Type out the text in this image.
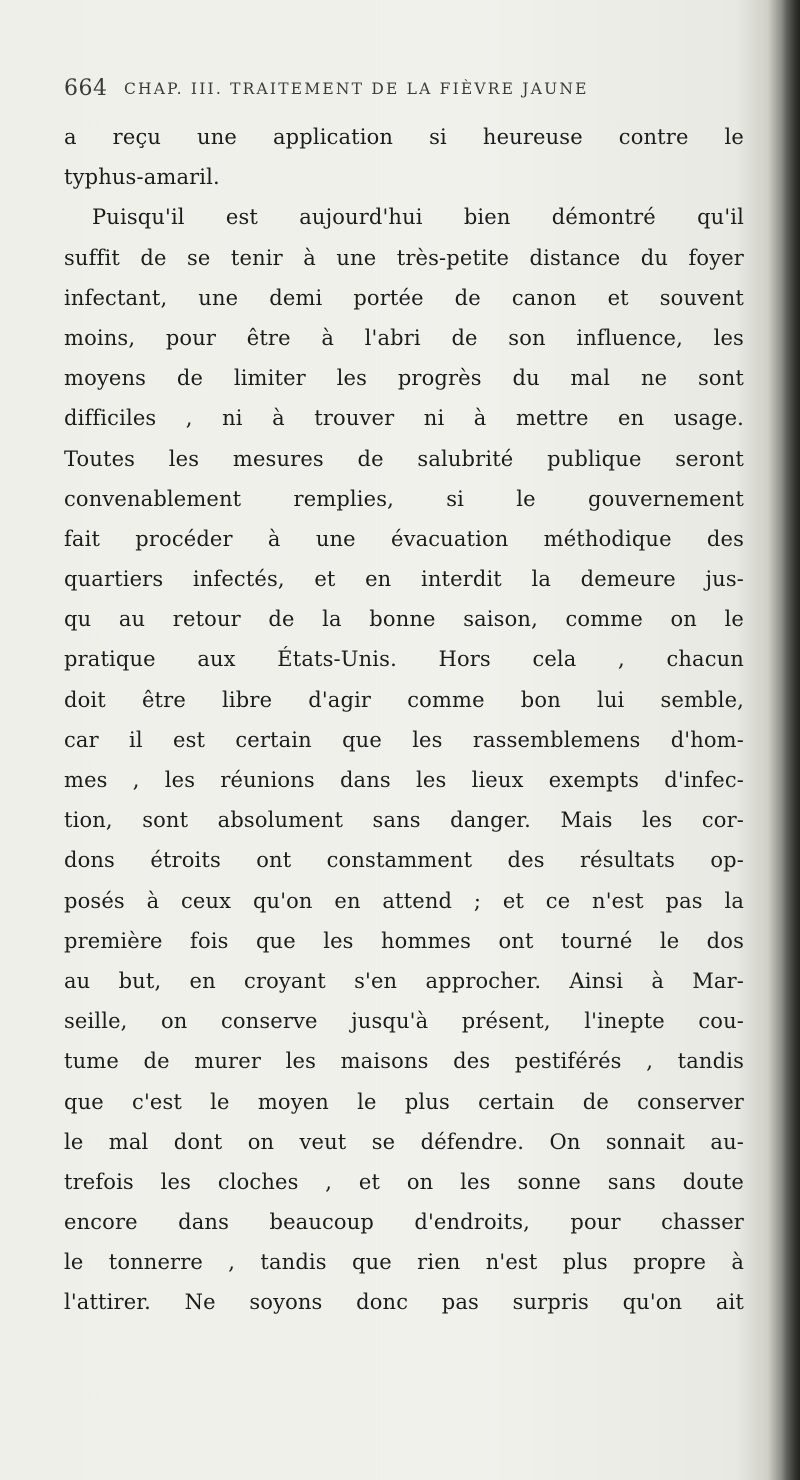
664 CHAP. III. TRAITEMENT DE LA FIÈVRE JAUNE
a reçu une application si heureuse contre le
typhus-amaril.
Puisqu'il est aujourd'hui bien démontré qu'il
suffit de se tenir à une très-petite distance du foyer
infectant, une demi portée de canon et souvent
moins, pour être à l'abri de son influence, les
moyens de limiter les progrès du mal ne sont
difficiles , ni à trouver ni à mettre en usage.
Toutes les mesures de salubrité publique seront
convenablement remplies, si le gouvernement
fait procéder à une évacuation méthodique des
quartiers infectés, et en interdit la demeure jus-
qu au retour de la bonne saison, comme on le
pratique aux États-Unis. Hors cela , chacun
doit être libre d'agir comme bon lui semble,
car il est certain que les rassemblemens d'hom-
mes , les réunions dans les lieux exempts d'infec-
tion, sont absolument sans danger. Mais les cor-
dons étroits ont constamment des résultats op-
posés à ceux qu'on en attend ; et ce n'est pas la
première fois que les hommes ont tourné le dos
au but, en croyant s'en approcher. Ainsi à Mar-
seille, on conserve jusqu'à présent, l'inepte cou-
tume de murer les maisons des pestiférés , tandis
que c'est le moyen le plus certain de conserver
le mal dont on veut se défendre. On sonnait au-
trefois les cloches , et on les sonne sans doute
encore dans beaucoup d'endroits, pour chasser
le tonnerre , tandis que rien n'est plus propre à
l'attirer. Ne soyons donc pas surpris qu'on ait
